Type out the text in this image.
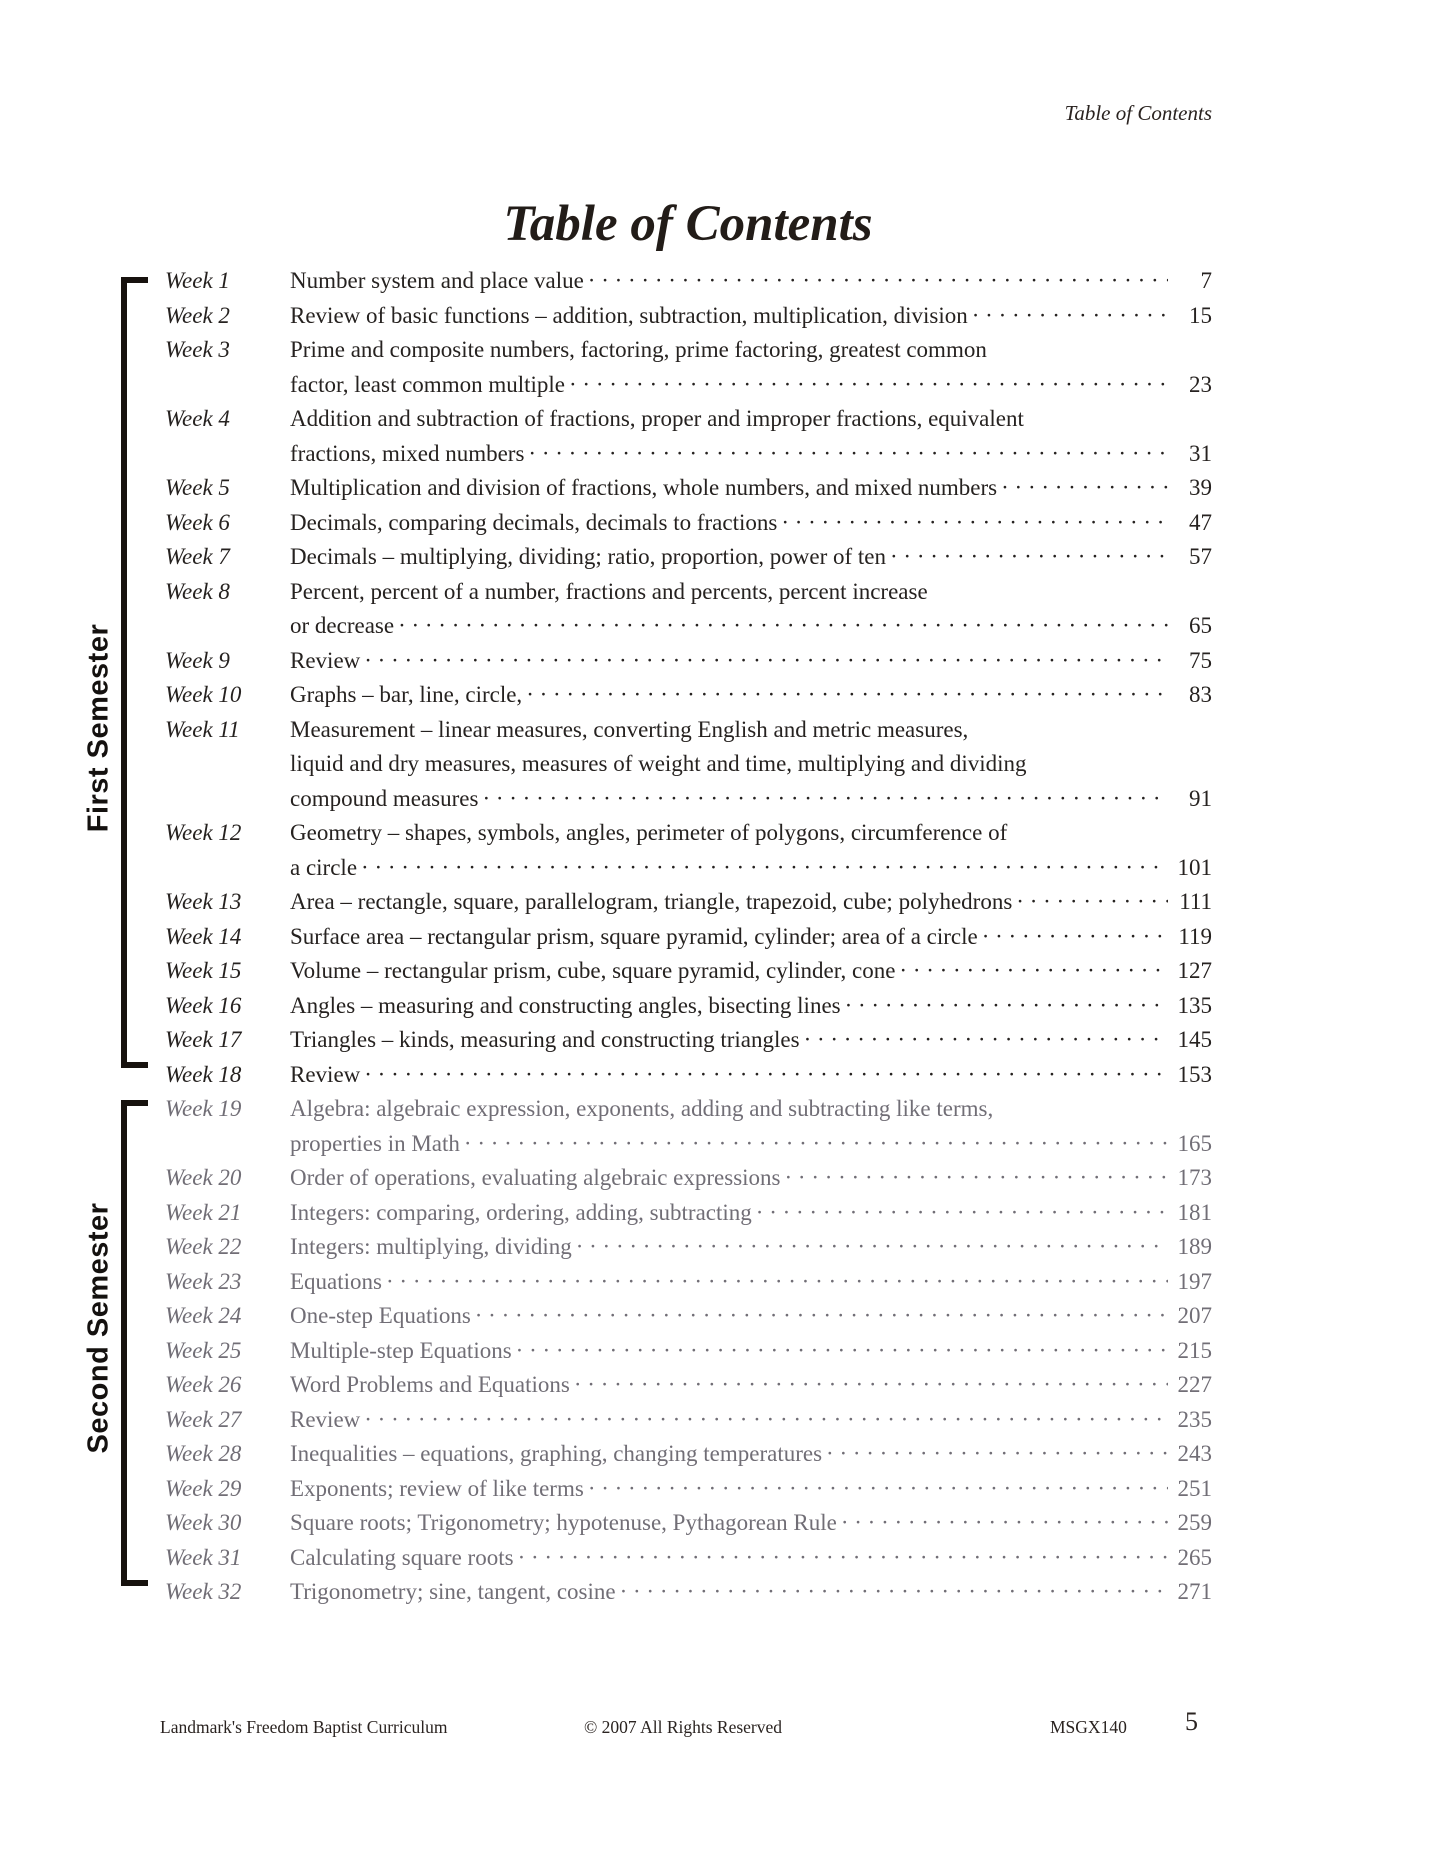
Table of Contents
Table of Contents
First Semester
Second Semester
Week 1	Number system and place value · · ·	7
Week 2	Review of basic functions – addition, subtraction, multiplication, division · · ·	15
Week 3	Prime and composite numbers, factoring, prime factoring, greatest common
factor, least common multiple · · ·	23
Week 4	Addition and subtraction of fractions, proper and improper fractions, equivalent
fractions, mixed numbers · · ·	31
Week 5	Multiplication and division of fractions, whole numbers, and mixed numbers · · ·	39
Week 6	Decimals, comparing decimals, decimals to fractions · · ·	47
Week 7	Decimals – multiplying, dividing; ratio, proportion, power of ten · · ·	57
Week 8	Percent, percent of a number, fractions and percents, percent increase
or decrease · · ·	65
Week 9	Review · · ·	75
Week 10	Graphs – bar, line, circle, · · ·	83
Week 11	Measurement – linear measures, converting English and metric measures,
liquid and dry measures, measures of weight and time, multiplying and dividing
compound measures · · ·	91
Week 12	Geometry – shapes, symbols, angles, perimeter of polygons, circumference of
a circle · · ·	101
Week 13	Area – rectangle, square, parallelogram, triangle, trapezoid, cube; polyhedrons · · ·	111
Week 14	Surface area – rectangular prism, square pyramid, cylinder; area of a circle · · ·	119
Week 15	Volume – rectangular prism, cube, square pyramid, cylinder, cone · · ·	127
Week 16	Angles – measuring and constructing angles, bisecting lines · · ·	135
Week 17	Triangles – kinds, measuring and constructing triangles · · ·	145
Week 18	Review · · ·	153
Week 19	Algebra: algebraic expression, exponents, adding and subtracting like terms,
properties in Math · · ·	165
Week 20	Order of operations, evaluating algebraic expressions · · ·	173
Week 21	Integers: comparing, ordering, adding, subtracting · · ·	181
Week 22	Integers: multiplying, dividing · · ·	189
Week 23	Equations · · ·	197
Week 24	One-step Equations · · ·	207
Week 25	Multiple-step Equations · · ·	215
Week 26	Word Problems and Equations · · ·	227
Week 27	Review · · ·	235
Week 28	Inequalities – equations, graphing, changing temperatures · · ·	243
Week 29	Exponents; review of like terms · · ·	251
Week 30	Square roots; Trigonometry; hypotenuse, Pythagorean Rule · · ·	259
Week 31	Calculating square roots · · ·	265
Week 32	Trigonometry; sine, tangent, cosine · · ·	271
Landmark's Freedom Baptist Curriculum	© 2007 All Rights Reserved	MSGX140 5
